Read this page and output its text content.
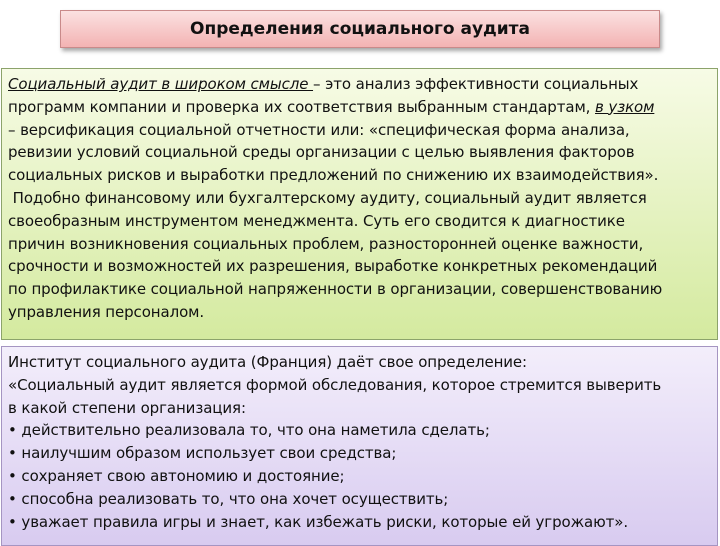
Определения социального аудита

Социальный аудит в широком смысле – это анализ эффективности социальных

программ компании и проверка их соответствия выбранным стандартам, в узком

– версификация социальной отчетности или: «специфическая форма анализа,

ревизии условий социальной среды организации с целью выявления факторов

социальных рисков и выработки предложений по снижению их взаимодействия».

Подобно финансовому или бухгалтерскому аудиту, социальный аудит является

своеобразным инструментом менеджмента. Суть его сводится к диагностике

причин возникновения социальных проблем, разносторонней оценке важности,

срочности и возможностей их разрешения, выработке конкретных рекомендаций

по профилактике социальной напряженности в организации, совершенствованию

управления персоналом.

Институт социального аудита (Франция) даёт свое определение:

«Социальный аудит является формой обследования, которое стремится выверить

в какой степени организация:

• действительно реализовала то, что она наметила сделать;

• наилучшим образом использует свои средства;

• сохраняет свою автономию и достояние;

• способна реализовать то, что она хочет осуществить;

• уважает правила игры и знает, как избежать риски, которые ей угрожают».
